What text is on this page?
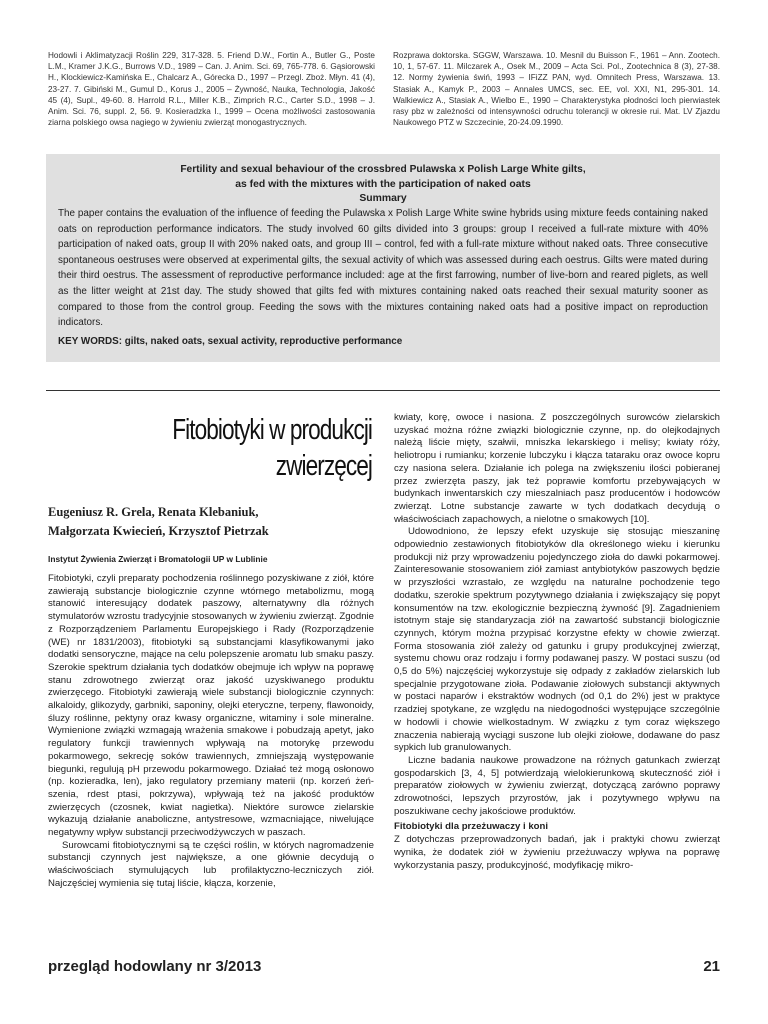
Hodowli i Aklimatyzacji Roślin 229, 317-328. 5. Friend D.W., Fortin A., Butler G., Poste L.M., Kramer J.K.G., Burrows V.D., 1989 – Can. J. Anim. Sci. 69, 765-778. 6. Gąsiorowski H., Klockiewicz-Kamińska E., Chalcarz A., Górecka D., 1997 – Przegl. Zboż. Młyn. 41 (4), 23-27. 7. Gibiński M., Gumul D., Korus J., 2005 – Żywność, Nauka, Technologia, Jakość 45 (4), Supl., 49-60. 8. Harrold R.L., Miller K.B., Zimprich R.C., Carter S.D., 1998 – J. Anim. Sci. 76, suppl. 2, 56. 9. Kosieradzka I., 1999 – Ocena możliwości zastosowania ziarna polskiego owsa nagiego w żywieniu zwierząt monogastrycznych.
Rozprawa doktorska. SGGW, Warszawa. 10. Mesnil du Buisson F., 1961 – Ann. Zootech. 10, 1, 57-67. 11. Milczarek A., Osek M., 2009 – Acta Sci. Pol., Zootechnica 8 (3), 27-38. 12. Normy żywienia świń, 1993 – IFiZZ PAN, wyd. Omnitech Press, Warszawa. 13. Stasiak A., Kamyk P., 2003 – Annales UMCS, sec. EE, vol. XXI, N1, 295-301. 14. Walkiewicz A., Stasiak A., Wielbo E., 1990 – Charakterystyka płodności loch pierwiastek rasy pbz w zależności od intensywności odruchu tolerancji w okresie rui. Mat. LV Zjazdu Naukowego PTZ w Szczecinie, 20-24.09.1990.

Fertility and sexual behaviour of the crossbred Pulawska x Polish Large White gilts,

as fed with the mixtures with the participation of naked oats

Summary

The paper contains the evaluation of the influence of feeding the Pulawska x Polish Large White swine hybrids using mixture feeds containing naked oats on reproduction performance indicators. The study involved 60 gilts divided into 3 groups: group I received a full-rate mixture with 40% participation of naked oats, group II with 20% naked oats, and group III – control, fed with a full-rate mixture without naked oats. Three consecutive spontaneous oestruses were observed at experimental gilts, the sexual activity of which was assessed during each oestrus. Gilts were mated during their third oestrus. The assessment of reproductive performance included: age at the first farrowing, number of live-born and reared piglets, as well as the litter weight at 21st day. The study showed that gilts fed with mixtures containing naked oats reached their sexual maturity sooner as compared to those from the control group. Feeding the sows with the mixtures containing naked oats had a positive impact on reproduction indicators.

KEY WORDS: gilts, naked oats, sexual activity, reproductive performance

Fitobiotyki w produkcji
zwierzęcej
Eugeniusz R. Grela, Renata Klebaniuk,
Małgorzata Kwiecień, Krzysztof Pietrzak
Instytut Żywienia Zwierząt i Bromatologii UP w Lublinie

Fitobiotyki, czyli preparaty pochodzenia roślinnego pozyskiwane z ziół, które zawierają substancje biologicznie czynne wtórnego metabolizmu, mogą stanowić interesujący dodatek paszowy, alternatywny dla różnych stymulatorów wzrostu tradycyjnie stosowanych w żywieniu zwierząt. Zgodnie z Rozporządzeniem Parlamentu Europejskiego i Rady (Rozporządzenie (WE) nr 1831/2003), fitobiotyki są substancjami klasyfikowanymi jako dodatki sensoryczne, mające na celu polepszenie aromatu lub smaku paszy. Szerokie spektrum działania tych dodatków obejmuje ich wpływ na poprawę stanu zdrowotnego zwierząt oraz jakość uzyskiwanego produktu zwierzęcego. Fitobiotyki zawierają wiele substancji biologicznie czynnych: alkaloidy, glikozydy, garbniki, saponiny, olejki eteryczne, terpeny, flawonoidy, śluzy roślinne, pektyny oraz kwasy organiczne, witaminy i sole mineralne. Wymienione związki wzmagają wrażenia smakowe i pobudzają apetyt, jako regulatory funkcji trawiennych wpływają na motorykę przewodu pokarmowego, sekrecję soków trawiennych, zmniejszają występowanie biegunki, regulują pH przewodu pokarmowego. Działać też mogą osłonowo (np. kozieradka, len), jako regulatory przemiany materii (np. korzeń żeń-szenia, rdest ptasi, pokrzywa), wpływają też na jakość produktów zwierzęcych (czosnek, kwiat nagietka). Niektóre surowce zielarskie wykazują działanie anaboliczne, antystresowe, wzmacniające, niwelujące negatywny wpływ substancji przeciwodżywczych w paszach.

Surowcami fitobiotycznymi są te części roślin, w których nagromadzenie substancji czynnych jest największe, a one głównie decydują o właściwościach stymulujących lub profilaktyczno-leczniczych ziół. Najczęściej wymienia się tutaj liście, kłącza, korzenie,

kwiaty, korę, owoce i nasiona. Z poszczególnych surowców zielarskich uzyskać można różne związki biologicznie czynne, np. do olejkodajnych należą liście mięty, szałwii, mniszka lekarskiego i melisy; kwiaty róży, heliotropu i rumianku; korzenie lubczyku i kłącza tataraku oraz owoce kopru czy nasiona selera. Działanie ich polega na zwiększeniu ilości pobieranej przez zwierzęta paszy, jak też poprawie komfortu przebywających w budynkach inwentarskich czy mieszalniach pasz producentów i hodowców zwierząt. Lotne substancje zawarte w tych dodatkach decydują o właściwościach zapachowych, a nielotne o smakowych [10].

Udowodniono, że lepszy efekt uzyskuje się stosując mieszaninę odpowiednio zestawionych fitobiotyków dla określonego wieku i kierunku produkcji niż przy wprowadzeniu pojedynczego zioła do dawki pokarmowej. Zainteresowanie stosowaniem ziół zamiast antybiotyków paszowych będzie w przyszłości wzrastało, ze względu na naturalne pochodzenie tego dodatku, szerokie spektrum pozytywnego działania i zwiększający się popyt konsumentów na tzw. ekologicznie bezpieczną żywność [9]. Zagadnieniem istotnym staje się standaryzacja ziół na zawartość substancji biologicznie czynnych, którym można przypisać korzystne efekty w chowie zwierząt. Forma stosowania ziół zależy od gatunku i grupy produkcyjnej zwierząt, systemu chowu oraz rodzaju i formy podawanej paszy. W postaci suszu (od 0,5 do 5%) najczęściej wykorzystuje się odpady z zakładów zielarskich lub specjalnie przygotowane zioła. Podawanie ziołowych substancji aktywnych w postaci naparów i ekstraktów wodnych (od 0,1 do 2%) jest w praktyce rzadziej spotykane, ze względu na niedogodności występujące szczególnie w hodowli i chowie wielkostadnym. W związku z tym coraz większego znaczenia nabierają wyciągi suszone lub olejki ziołowe, dodawane do pasz sypkich lub granulowanych.

Liczne badania naukowe prowadzone na różnych gatunkach zwierząt gospodarskich [3, 4, 5] potwierdzają wielokierunkową skuteczność ziół i preparatów ziołowych w żywieniu zwierząt, dotyczącą zarówno poprawy zdrowotności, lepszych przyrostów, jak i pozytywnego wpływu na poszukiwane cechy jakościowe produktów.

Fitobiotyki dla przeżuwaczy i koni

Z dotychczas przeprowadzonych badań, jak i praktyki chowu zwierząt wynika, że dodatek ziół w żywieniu przeżuwaczy wpływa na poprawę wykorzystania paszy, produkcyjność, modyfikację mikro-

przegląd hodowlany nr 3/2013	21
